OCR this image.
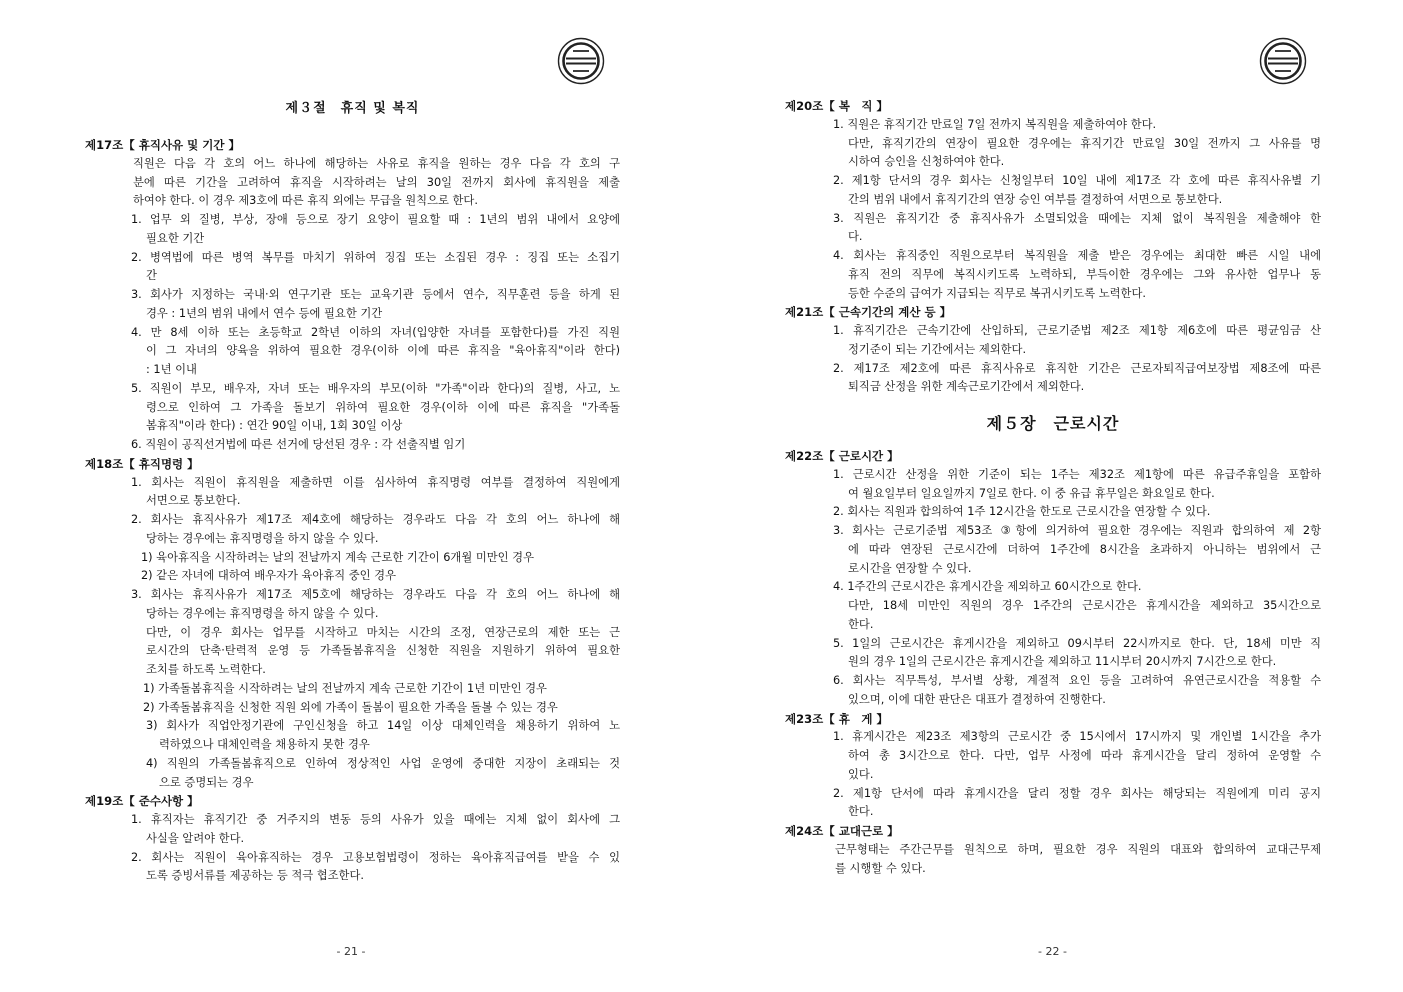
제３절　휴직 및 복직
제17조【 휴직사유 및 기간 】
직원은 다음 각 호의 어느 하나에 해당하는 사유로 휴직을 원하는 경우 다음 각 호의 구
분에 따른 기간을 고려하여 휴직을 시작하려는 날의 30일 전까지 회사에 휴직원을 제출
하여야 한다. 이 경우 제3호에 따른 휴직 외에는 무급을 원칙으로 한다.
1. 업무 외 질병, 부상, 장애 등으로 장기 요양이 필요할 때 : 1년의 범위 내에서 요양에
필요한 기간
2. 병역법에 따른 병역 복무를 마치기 위하여 징집 또는 소집된 경우 : 징집 또는 소집기
간
3. 회사가 지정하는 국내·외 연구기관 또는 교육기관 등에서 연수, 직무훈련 등을 하게 된
경우 : 1년의 범위 내에서 연수 등에 필요한 기간
4. 만 8세 이하 또는 초등학교 2학년 이하의 자녀(입양한 자녀를 포함한다)를 가진 직원
이 그 자녀의 양육을 위하여 필요한 경우(이하 이에 따른 휴직을 "육아휴직"이라 한다)
: 1년 이내
5. 직원이 부모, 배우자, 자녀 또는 배우자의 부모(이하 "가족"이라 한다)의 질병, 사고, 노
령으로 인하여 그 가족을 돌보기 위하여 필요한 경우(이하 이에 따른 휴직을 "가족돌
봄휴직"이라 한다) : 연간 90일 이내, 1회 30일 이상
6. 직원이 공직선거법에 따른 선거에 당선된 경우 : 각 선출직별 임기
제18조【 휴직명령 】
1. 회사는 직원이 휴직원을 제출하면 이를 심사하여 휴직명령 여부를 결정하여 직원에게
서면으로 통보한다.
2. 회사는 휴직사유가 제17조 제4호에 해당하는 경우라도 다음 각 호의 어느 하나에 해
당하는 경우에는 휴직명령을 하지 않을 수 있다.
1) 육아휴직을 시작하려는 날의 전날까지 계속 근로한 기간이 6개월 미만인 경우
2) 같은 자녀에 대하여 배우자가 육아휴직 중인 경우
3. 회사는 휴직사유가 제17조 제5호에 해당하는 경우라도 다음 각 호의 어느 하나에 해
당하는 경우에는 휴직명령을 하지 않을 수 있다.
다만, 이 경우 회사는 업무를 시작하고 마치는 시간의 조정, 연장근로의 제한 또는 근
로시간의 단축·탄력적 운영 등 가족돌봄휴직을 신청한 직원을 지원하기 위하여 필요한
조치를 하도록 노력한다.
1) 가족돌봄휴직을 시작하려는 날의 전날까지 계속 근로한 기간이 1년 미만인 경우
2) 가족돌봄휴직을 신청한 직원 외에 가족이 돌봄이 필요한 가족을 돌볼 수 있는 경우
3) 회사가 직업안정기관에 구인신청을 하고 14일 이상 대체인력을 채용하기 위하여 노
력하였으나 대체인력을 채용하지 못한 경우
4) 직원의 가족돌봄휴직으로 인하여 정상적인 사업 운영에 중대한 지장이 초래되는 것
으로 증명되는 경우
제19조【 준수사항 】
1. 휴직자는 휴직기간 중 거주지의 변동 등의 사유가 있을 때에는 지체 없이 회사에 그
사실을 알려야 한다.
2. 회사는 직원이 육아휴직하는 경우 고용보험법령이 정하는 육아휴직급여를 받을 수 있
도록 증빙서류를 제공하는 등 적극 협조한다.
- 21 -
제20조【 복　직 】
1. 직원은 휴직기간 만료일 7일 전까지 복직원을 제출하여야 한다.
다만, 휴직기간의 연장이 필요한 경우에는 휴직기간 만료일 30일 전까지 그 사유를 명
시하여 승인을 신청하여야 한다.
2. 제1항 단서의 경우 회사는 신청일부터 10일 내에 제17조 각 호에 따른 휴직사유별 기
간의 범위 내에서 휴직기간의 연장 승인 여부를 결정하여 서면으로 통보한다.
3. 직원은 휴직기간 중 휴직사유가 소멸되었을 때에는 지체 없이 복직원을 제출해야 한
다.
4. 회사는 휴직중인 직원으로부터 복직원을 제출 받은 경우에는 최대한 빠른 시일 내에
휴직 전의 직무에 복직시키도록 노력하되, 부득이한 경우에는 그와 유사한 업무나 동
등한 수준의 급여가 지급되는 직무로 복귀시키도록 노력한다.
제21조【 근속기간의 계산 등 】
1. 휴직기간은 근속기간에 산입하되, 근로기준법 제2조 제1항 제6호에 따른 평균임금 산
정기준이 되는 기간에서는 제외한다.
2. 제17조 제2호에 따른 휴직사유로 휴직한 기간은 근로자퇴직급여보장법 제8조에 따른
퇴직금 산정을 위한 계속근로기간에서 제외한다.
제５장　근로시간
제22조【 근로시간 】
1. 근로시간 산정을 위한 기준이 되는 1주는 제32조 제1항에 따른 유급주휴일을 포함하
여 월요일부터 일요일까지 7일로 한다. 이 중 유급 휴무일은 화요일로 한다.
2. 회사는 직원과 합의하여 1주 12시간을 한도로 근로시간을 연장할 수 있다.
3. 회사는 근로기준법 제53조 ③항에 의거하여 필요한 경우에는 직원과 합의하여 제 2항
에 따라 연장된 근로시간에 더하여 1주간에 8시간을 초과하지 아니하는 범위에서 근
로시간을 연장할 수 있다.
4. 1주간의 근로시간은 휴게시간을 제외하고 60시간으로 한다.
다만, 18세 미만인 직원의 경우 1주간의 근로시간은 휴게시간을 제외하고 35시간으로
한다.
5. 1일의 근로시간은 휴게시간을 제외하고 09시부터 22시까지로 한다. 단, 18세 미만 직
원의 경우 1일의 근로시간은 휴게시간을 제외하고 11시부터 20시까지 7시간으로 한다.
6. 회사는 직무특성, 부서별 상황, 계절적 요인 등을 고려하여 유연근로시간을 적용할 수
있으며, 이에 대한 판단은 대표가 결정하여 진행한다.
제23조【 휴　게 】
1. 휴게시간은 제23조 제3항의 근로시간 중 15시에서 17시까지 및 개인별 1시간을 추가
하여 총 3시간으로 한다. 다만, 업무 사정에 따라 휴게시간을 달리 정하여 운영할 수
있다.
2. 제1항 단서에 따라 휴게시간을 달리 정할 경우 회사는 해당되는 직원에게 미리 공지
한다.
제24조【 교대근로 】
근무형태는 주간근무를 원칙으로 하며, 필요한 경우 직원의 대표와 합의하여 교대근무제
를 시행할 수 있다.
- 22 -
